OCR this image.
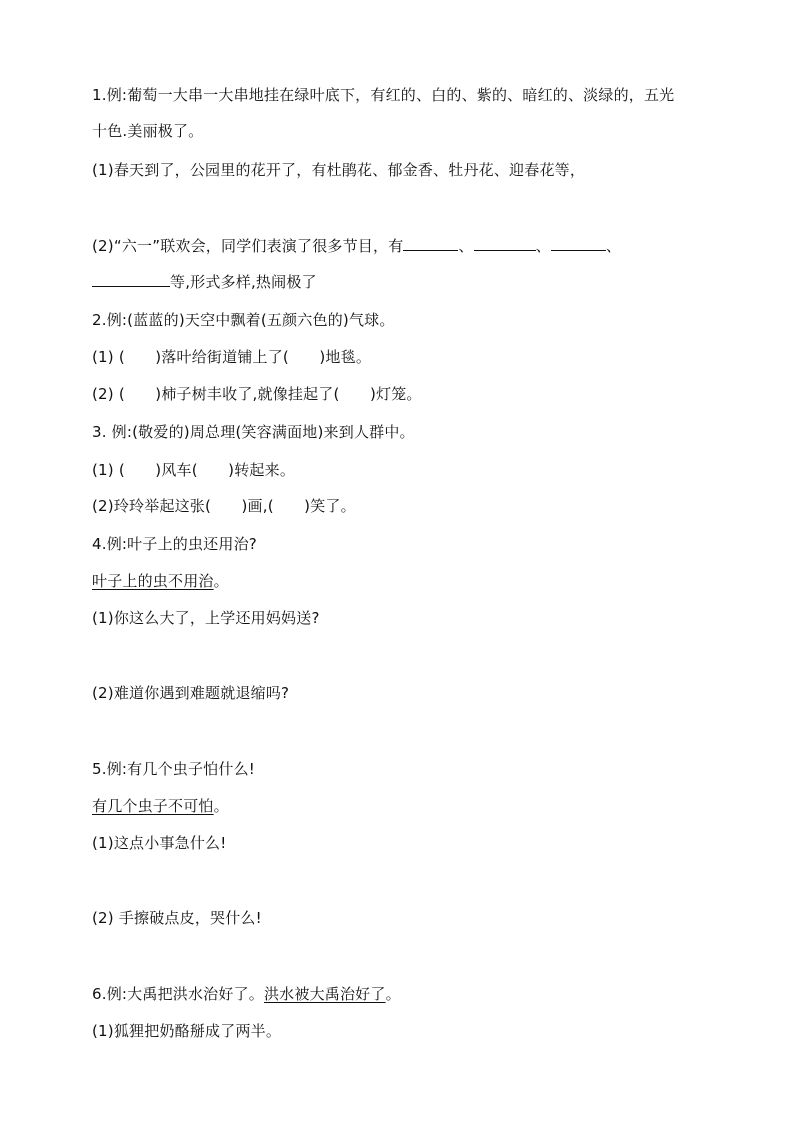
1.例:葡萄一大串一大串地挂在绿叶底下，有红的、白的、紫的、暗红的、淡绿的，五光
十色.美丽极了。
(1)春天到了，公园里的花开了，有杜鹃花、郁金香、牡丹花、迎春花等，
(2)“六一”联欢会，同学们表演了很多节目，有	、	、	、
等,形式多样,热闹极了
2.例:(蓝蓝的)天空中飘着(五颜六色的)气球。
(1) (　　)落叶给街道铺上了(　　)地毯。
(2) (　　)柿子树丰收了,就像挂起了(　　)灯笼。
3. 例:(敬爱的)周总理(笑容满面地)来到人群中。
(1) (　　)风车(　　)转起来。
(2)玲玲举起这张(　　)画,(　　)笑了。
4.例:叶子上的虫还用治?
叶子上的虫不用治。
(1)你这么大了，上学还用妈妈送?
(2)难道你遇到难题就退缩吗?
5.例:有几个虫子怕什么!
有几个虫子不可怕。
(1)这点小事急什么!
(2) 手擦破点皮，哭什么!
6.例:大禹把洪水治好了。洪水被大禹治好了。
(1)狐狸把奶酪掰成了两半。
